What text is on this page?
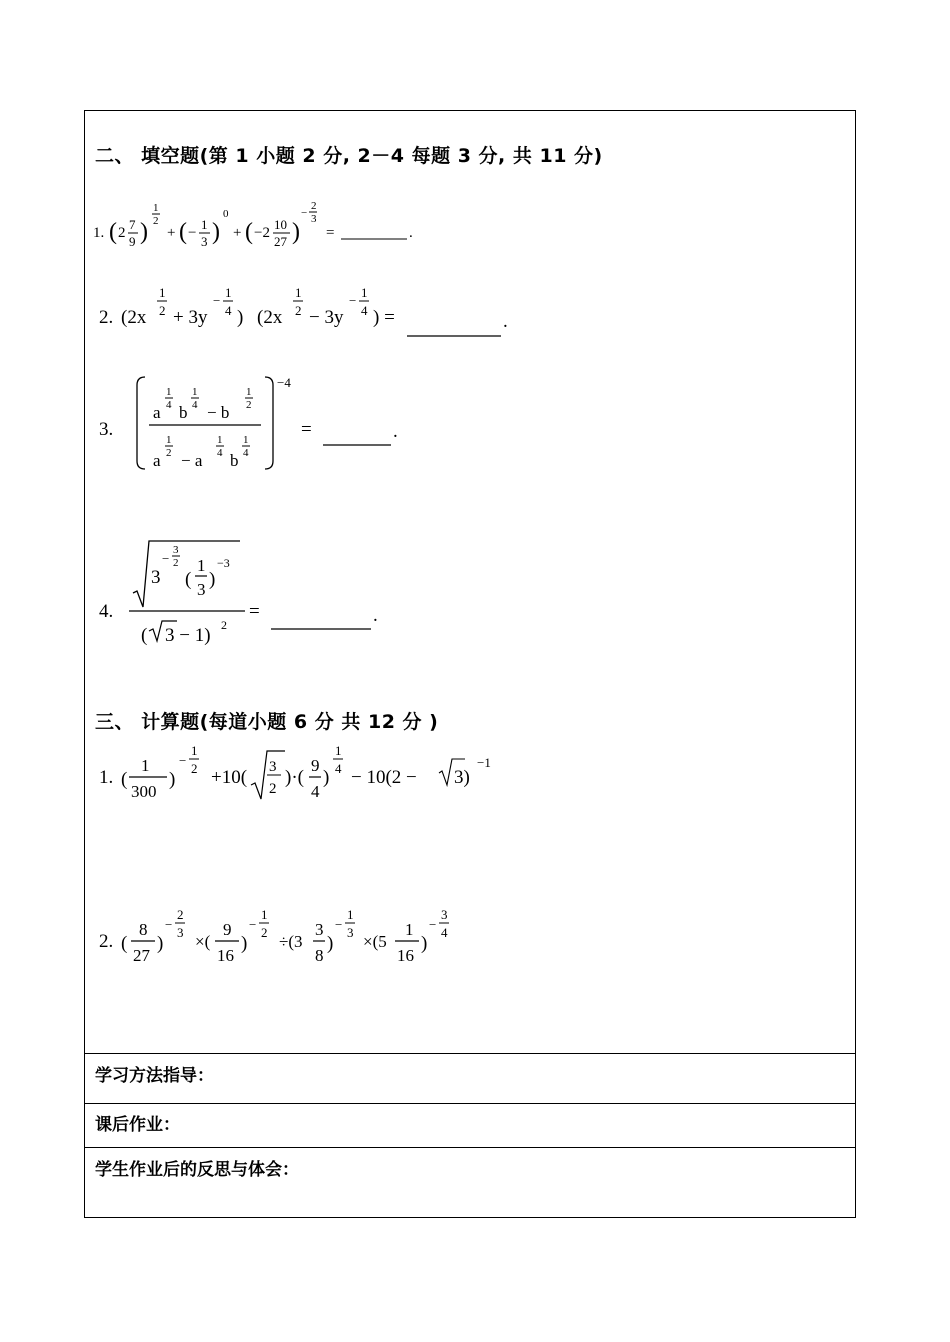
二、 填空题(第 1 小题 2 分, 2－4 每题 3 分, 共 11 分)
1. ( 2
7
9 )
1
2
+ ( −
1
3 )
0
+ ( −2
10
27 )
−
2
3
=	.
2. (2x
1
2 + 3y
−
1
4 ) (2x
1
2 − 3y
−
1
4 ) =	.
3.
a
1
4 b
1
4 − b
1
2
a
1
2 − a
1
4 b
1
4
−4
=	.
4.
3
−
3
2
(
1
3 )
−3
( 3 − 1) 2
=	.
三、 计算题(每道小题 6 分 共 12 分 )
1. (
1
300
)
−
1
2 +10( 3
2
)·(
9
4
)
1
4 − 10(2 − 3)
−1
2. (
8
27
)
−
2
3 ×(
9
16
)
−
1
2 ÷(3
3
8
)
−
1
3 ×(5
1
16
)
−
3
4
学习方法指导：
课后作业：
学生作业后的反思与体会：
